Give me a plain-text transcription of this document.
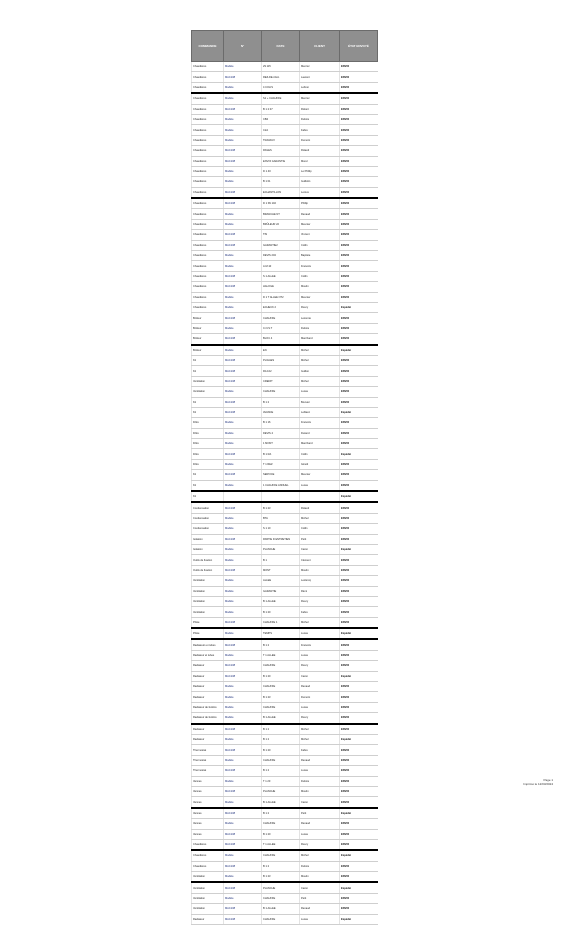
COMMANDE	N°	DATE	CLIENT	ÉTAT ENVOYÉ
Chaudières	Modèle	29 115	Mercier	ENVOI
Chaudières	MAC108	REZ-DE-CHA.	Laurent	ENVOI
Chaudières	Modèle	4 COLIS	Lebrun	ENVOI
Chaudières	Modèle	S1 + CHAUFFE	Mercier	ENVOI
Chaudières	MAC108	B 1 2 07	Robert	ENVOI
Chaudières	Modèle	CB4	Dubois	ENVOI
Chaudières	Modèle	C2A	Fabre	ENVOI
Chaudières	Modèle	TRAVAUX	Dumont	ENVOI
Chaudières	MAC108	PAGES	Roland	ENVOI
Chaudières	MAC108	ENVOI GARANTIE	Morel	ENVOI
Chaudières	Modèle	D 1 40	Le Phillip	ENVOI
Chaudières	Modèle	B 1 01	Guillotin	ENVOI
Chaudières	MAC108	ECHANTILLON	Leroux	ENVOI
Chaudières	MAC108	D 1 PA 102	Phillip	ENVOI
Chaudières	Modèle	BRANCHE NT	Renaud	ENVOI
Chaudières	Modèle	BRÛLEUR 22	Meunier	ENVOI
Chaudières	MAC108	TIN	Vincent	ENVOI
Chaudières	MAC108	GARANTIE2	Collin	ENVOI
Chaudières	Modèle	DEVIS 204	Baptiste	ENVOI
Chaudières	Modèle	A.M.10	Francois	ENVOI
Chaudières	MAC108	S 1 ALLEE	Collin	ENVOI
Chaudières	MAC108	HALOGE	Moulin	ENVOI
Chaudières	Modèle	D 1 T ALLEE NT2	Meunier	ENVOI
Chaudières	Modèle	ECHECK 2	Fleury	Expédié
Brûleur	MAC108	CHAUFFE	Lecomte	ENVOI
Brûleur	Modèle	C.N.S.T	Dubois	ENVOI
Brûleur	MAC108	BLOC 4	Marchand	ENVOI
Brûleur	Modèle	EN	Michel	Expédié
Kit	MAC108	PLIAGES	Michel	ENVOI
Kit	MAC108	RA 102	Guillon	ENVOI
Ventilation	MAC108	CREDIT	Michel	ENVOI
Ventilation	Modèle	CHAUFFE	Lucas	ENVOI
Kit	MAC108	B 1 2	Bouvier	ENVOI
Kit	MAC108	AVANCE	Leblanc	Expédié
Filtre	Modèle	B 1 16	Francois	ENVOI
Filtre	Modèle	DEVIS 4	Durand	ENVOI
Filtre	Modèle	1 MONT	Marchand	ENVOI
Filtre	MAC108	B 1 RA	Collin	Expédié
Filtre	Modèle	T 1 REZ	Girard	ENVOI
Kit	MAC108	SERVICE	Meunier	ENVOI
Kit	Modèle	1 CHAUFFE ANNUEL	Lucas	ENVOI
Kit				Expédié
Condensation	MAC108	B 1 23	Roland	ENVOI
Condensation	Modèle	BTA	Michel	ENVOI
Condensation	Modèle	S 1 10	Collin	ENVOI
Isolation	MAC108	PARTIE D ENTRETIEN	Petit	ENVOI
Isolation	Modèle	PLANCHE	Caron	Expédié
Outils de fixation	Modèle	B 1	Clement	ENVOI
Outils de fixation	MAC108	MONT	Moulin	ENVOI
Ventilation	Modèle	ALLEE	Leclercq	ENVOI
Ventilation	Modèle	GARANTIE	Rémi	ENVOI
Ventilation	Modèle	B 1 ALLEE	Fleury	ENVOI
Ventilation	Modèle	B 1 20	Fabre	ENVOI
Pilote	MAC108	CHAUFFE 1	Michel	ENVOI
Pilote	Modèle	TEMPS	Lucas	Expédié
Radiateurs et tubes	MAC108	B 1 2	Francois	ENVOI
Radiateur et tubes	Modèle	T 1 ALLEE	Lucas	ENVOI
Radiateur	MAC108	CHAUFFE	Fleury	ENVOI
Radiateur	MAC108	B 1 20	Caron	Expédié
Radiateur	Modèle	CHAUFFE	Renaud	ENVOI
Radiateur	Modèle	B 1 23	Dumont	ENVOI
Radiateur de fenêtre	Modèle	CHAUFFE	Lucas	ENVOI
Radiateur de fenêtre	Modèle	B 1 ALLEE	Fleury	ENVOI
Radiateur	MAC108	B 1 2	Michel	ENVOI
Radiateur	Modèle	B 1 2	Michel	Expédié
Thermostat	MAC108	B 1 20	Fabre	ENVOI
Thermostat	Modèle	CHAUFFE	Renaud	ENVOI
Thermostat	MAC108	B 1 2	Lucas	ENVOI
Vannes	Modèle	T 1 20	Dubois	ENVOI
Vannes	MAC108	PLANCHE	Moulin	ENVOI
Vannes	Modèle	B 1 ALLEE	Caron	ENVOI
Vannes	MAC108	B 1 2	Petit	Expédié
Vannes	Modèle	CHAUFFE	Renaud	ENVOI
Vannes	MAC108	B 1 20	Lucas	ENVOI
Chaudières	MAC108	T 1 ALLEE	Fleury	ENVOI
Chaudières	Modèle	CHAUFFE	Michel	Expédié
Chaudières	MAC108	B 1 2	Dubois	ENVOI
Ventilation	Modèle	B 1 23	Moulin	ENVOI
Ventilation	MAC108	PLANCHE	Caron	Expédié
Ventilation	Modèle	CHAUFFE	Petit	ENVOI
Ventilation	MAC108	B 1 ALLEE	Renaud	ENVOI
Radiateur	MAC108	CHAUFFE	Lucas	Expédié
Page 1
Imprimé le 12/03/2024
